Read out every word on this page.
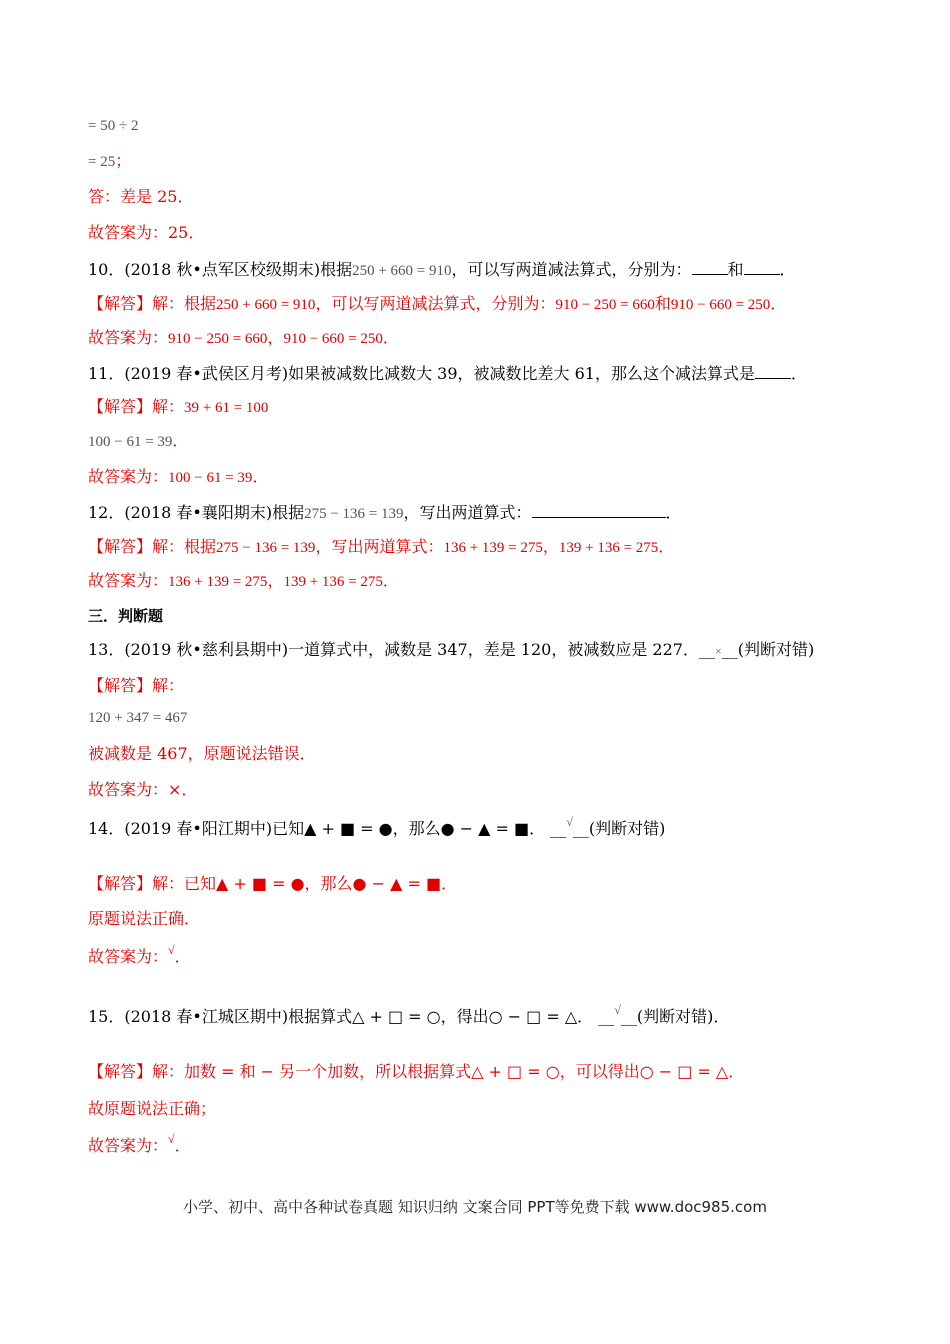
= 50 ÷ 2
= 25；
答：差是 25．
故答案为：25．
10．(2018 秋•点军区校级期末)根据250 + 660 = 910，可以写两道减法算式，分别为： 和 ．
【解答】解：根据250 + 660 = 910，可以写两道减法算式，分别为：910 − 250 = 660和910 − 660 = 250．
故答案为：910 − 250 = 660，910 − 660 = 250．
11．(2019 春•武侯区月考)如果被减数比减数大 39，被减数比差大 61，那么这个减法算式是 ．
【解答】解：39 + 61 = 100
100 − 61 = 39．
故答案为：100 − 61 = 39．
12．(2018 春•襄阳期末)根据275 − 136 = 139，写出两道算式：	．
【解答】解：根据275 − 136 = 139，写出两道算式：136 + 139 = 275，139 + 136 = 275．
故答案为：136 + 139 = 275，139 + 136 = 275．
三．判断题
13．(2019 秋•慈利县期中)一道算式中，减数是 347，差是 120，被减数应是 227．__×__(判断对错)
【解答】解：
120 + 347 = 467
被减数是 467，原题说法错误．
故答案为：×．
14．(2019 春•阳江期中)已知▲ + ■ = ●，那么● − ▲ = ■． __√__(判断对错)
【解答】解：已知▲ + ■ = ●，那么● − ▲ = ■．
原题说法正确．
故答案为：√．
15．(2018 春•江城区期中)根据算式△ + □ = ○，得出○ − □ = △． __√__(判断对错)．
【解答】解：加数 = 和 − 另一个加数，所以根据算式△ + □ = ○，可以得出○ − □ = △．
故原题说法正确；
故答案为：√．
小学、初中、高中各种试卷真题 知识归纳 文案合同 PPT等免费下载 www.doc985.com
